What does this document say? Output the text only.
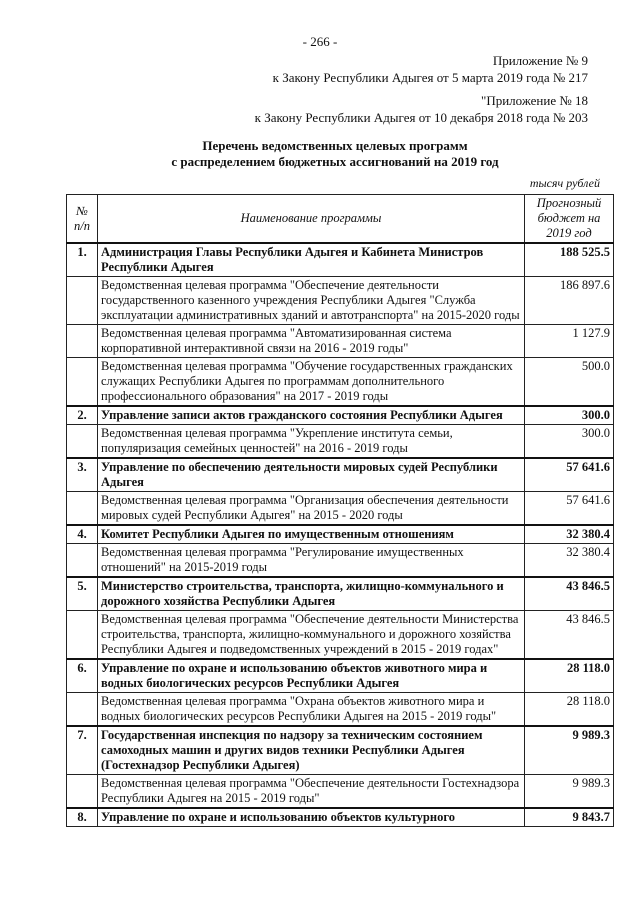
- 266 -
Приложение № 9
к Закону Республики Адыгея от 5 марта 2019 года № 217
"Приложение № 18
к Закону Республики Адыгея от 10 декабря 2018 года № 203
Перечень ведомственных целевых программ
с распределением бюджетных ассигнований на 2019 год
тысяч рублей
№ п/п	Наименование программы	Прогнозный бюджет на 2019 год
1.	Администрация Главы Республики Адыгея и Кабинета Министров Республики Адыгея	188 525.5
	Ведомственная целевая программа "Обеспечение деятельности государственного казенного учреждения Республики Адыгея "Служба эксплуатации административных зданий и автотранспорта" на 2015-2020 годы	186 897.6
	Ведомственная целевая программа "Автоматизированная система корпоративной интерактивной связи на 2016 - 2019 годы"	1 127.9
	Ведомственная целевая программа "Обучение государственных гражданских служащих Республики Адыгея по программам дополнительного профессионального образования" на 2017 - 2019 годы	500.0
2.	Управление записи актов гражданского состояния Республики Адыгея	300.0
	Ведомственная целевая программа "Укрепление института семьи, популяризация семейных ценностей" на 2016 - 2019 годы	300.0
3.	Управление по обеспечению деятельности мировых судей Республики Адыгея	57 641.6
	Ведомственная целевая программа "Организация обеспечения деятельности мировых судей Республики Адыгея" на 2015 - 2020 годы	57 641.6
4.	Комитет Республики Адыгея по имущественным отношениям	32 380.4
	Ведомственная целевая программа "Регулирование имущественных отношений" на 2015-2019 годы	32 380.4
5.	Министерство строительства, транспорта, жилищно-коммунального и дорожного хозяйства Республики Адыгея	43 846.5
	Ведомственная целевая программа "Обеспечение деятельности Министерства строительства, транспорта, жилищно-коммунального и дорожного хозяйства Республики Адыгея и подведомственных учреждений в 2015 - 2019 годах"	43 846.5
6.	Управление по охране и использованию объектов животного мира и водных биологических ресурсов Республики Адыгея	28 118.0
	Ведомственная целевая программа "Охрана объектов животного мира и водных биологических ресурсов Республики Адыгея на 2015 - 2019 годы"	28 118.0
7.	Государственная инспекция по надзору за техническим состоянием самоходных машин и других видов техники Республики Адыгея (Гостехнадзор Республики Адыгея)	9 989.3
	Ведомственная целевая программа "Обеспечение деятельности Гостехнадзора Республики Адыгея на 2015 - 2019 годы"	9 989.3
8.	Управление по охране и использованию объектов культурного	9 843.7
